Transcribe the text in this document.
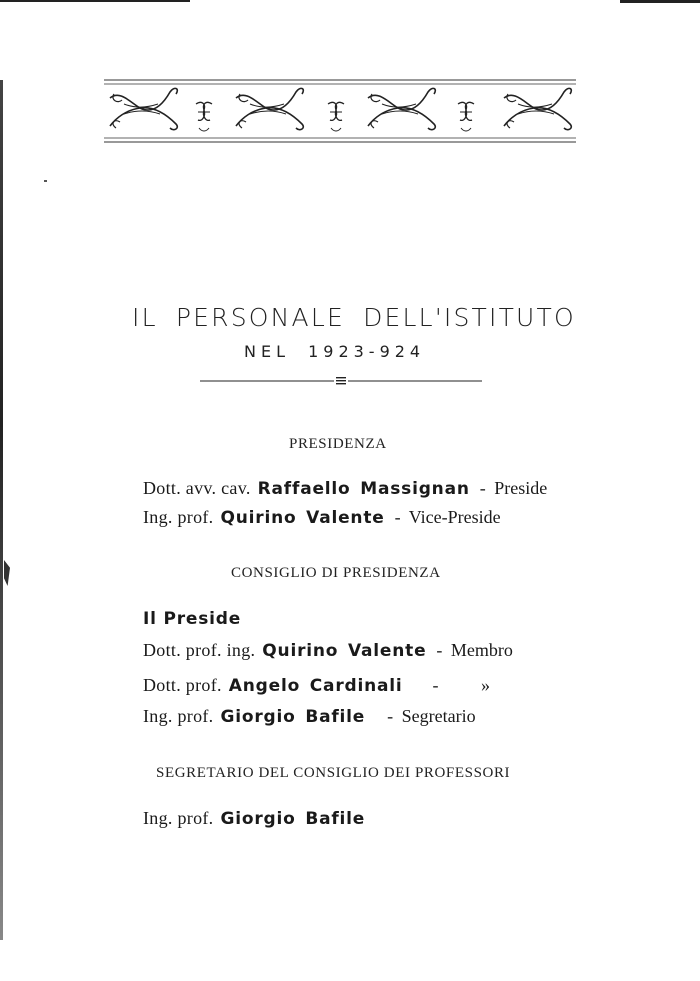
IL PERSONALE DELL'ISTITUTO
NEL 1923-924
PRESIDENZA
Dott. avv. cav. Raffaello Massignan - Preside
Ing. prof. Quirino Valente - Vice-Preside
CONSIGLIO DI PRESIDENZA
Il Preside
Dott. prof. ing. Quirino Valente - Membro
Dott. prof. Angelo Cardinali -     »
Ing. prof. Giorgio Bafile - Segretario
SEGRETARIO DEL CONSIGLIO DEI PROFESSORI
Ing. prof. Giorgio Bafile
